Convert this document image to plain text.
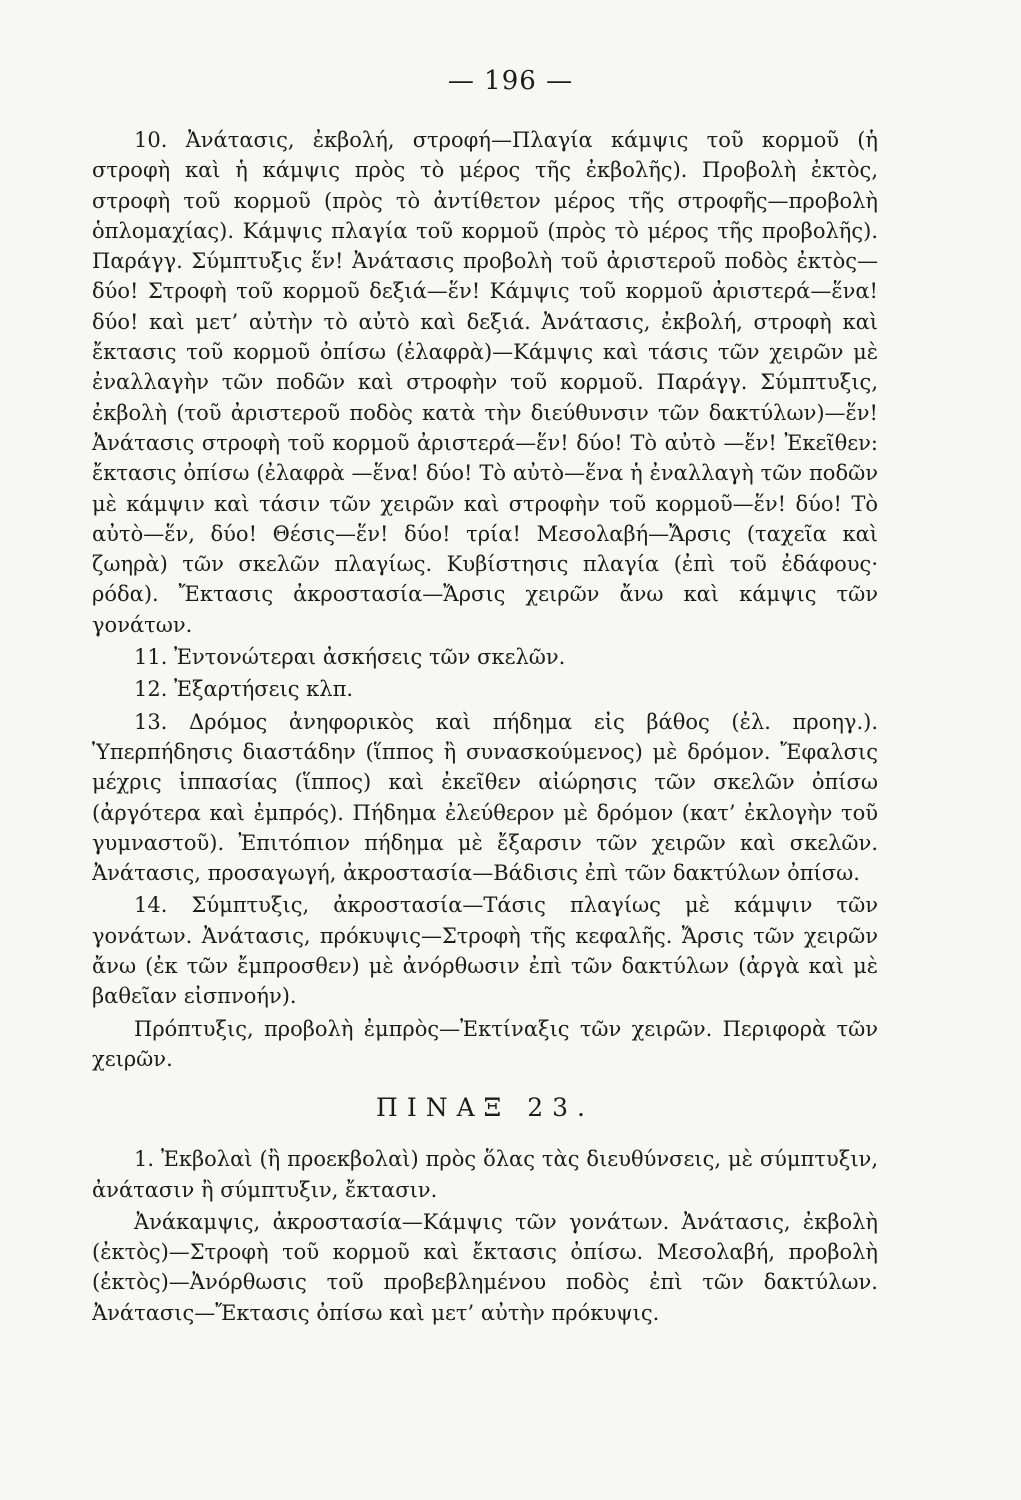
— 196 —

10. Ἀνάτασις, ἐκβολή, στροφή—Πλαγία κάμψις τοῦ κορμοῦ (ἡ στροφὴ καὶ ἡ κάμψις πρὸς τὸ μέρος τῆς ἐκβολῆς). Προβολὴ ἐκτὸς, στροφὴ τοῦ κορμοῦ (πρὸς τὸ ἀντίθετον μέρος τῆς στροφῆς—προβολὴ ὁπλομαχίας). Κάμψις πλαγία τοῦ κορμοῦ (πρὸς τὸ μέρος τῆς προβολῆς). Παράγγ. Σύμπτυξις ἕν! Ἀνάτασις προβολὴ τοῦ ἀριστεροῦ ποδὸς ἐκτὸς—δύο! Στροφὴ τοῦ κορμοῦ δεξιά—ἕν! Κάμψις τοῦ κορμοῦ ἀριστερά—ἕνα! δύο! καὶ μετ’ αὐτὴν τὸ αὐτὸ καὶ δεξιά. Ἀνάτασις, ἐκβολή, στροφὴ καὶ ἔκτασις τοῦ κορμοῦ ὀπίσω (ἐλαφρὰ)—Κάμψις καὶ τάσις τῶν χειρῶν μὲ ἐναλλαγὴν τῶν ποδῶν καὶ στροφὴν τοῦ κορμοῦ. Παράγγ. Σύμπτυξις, ἐκβολὴ (τοῦ ἀριστεροῦ ποδὸς κατὰ τὴν διεύθυνσιν τῶν δακτύλων)—ἕν! Ἀνάτασις στροφὴ τοῦ κορμοῦ ἀριστερά—ἕν! δύο! Τὸ αὐτὸ —ἕν! Ἐκεῖθεν: ἔκτασις ὀπίσω (ἐλαφρὰ —ἕνα! δύο! Τὸ αὐτὸ—ἕνα ἡ ἐναλλαγὴ τῶν ποδῶν μὲ κάμψιν καὶ τάσιν τῶν χειρῶν καὶ στροφὴν τοῦ κορμοῦ—ἕν! δύο! Τὸ αὐτὸ—ἕν, δύο! Θέσις—ἕν! δύο! τρία! Μεσολαβή—Ἄρσις (ταχεῖα καὶ ζωηρὰ) τῶν σκελῶν πλαγίως. Κυβίστησις πλαγία (ἐπὶ τοῦ ἐδάφους· ρόδα). Ἔκτασις ἀκροστασία—Ἄρσις χειρῶν ἄνω καὶ κάμψις τῶν γονάτων.

11. Ἐντονώτεραι ἀσκήσεις τῶν σκελῶν.

12. Ἐξαρτήσεις κλπ.

13. Δρόμος ἀνηφορικὸς καὶ πήδημα εἰς βάθος (ἐλ. προηγ.). Ὑπερπήδησις διαστάδην (ἵππος ἢ συνασκούμενος) μὲ δρόμον. Ἔφαλσις μέχρις ἱππασίας (ἵππος) καὶ ἐκεῖθεν αἰώρησις τῶν σκελῶν ὀπίσω (ἀργότερα καὶ ἐμπρός). Πήδημα ἐλεύθερον μὲ δρόμον (κατ’ ἐκλογὴν τοῦ γυμναστοῦ). Ἐπιτόπιον πήδημα μὲ ἔξαρσιν τῶν χειρῶν καὶ σκελῶν. Ἀνάτασις, προσαγωγή, ἀκροστασία—Βάδισις ἐπὶ τῶν δακτύλων ὀπίσω.

14. Σύμπτυξις, ἀκροστασία—Τάσις πλαγίως μὲ κάμψιν τῶν γονάτων. Ἀνάτασις, πρόκυψις—Στροφὴ τῆς κεφαλῆς. Ἄρσις τῶν χειρῶν ἄνω (ἐκ τῶν ἔμπροσθεν) μὲ ἀνόρθωσιν ἐπὶ τῶν δακτύλων (ἀργὰ καὶ μὲ βαθεῖαν εἰσπνοήν).

Πρόπτυξις, προβολὴ ἐμπρὸς—Ἐκτίναξις τῶν χειρῶν. Περιφορὰ τῶν χειρῶν.

ΠΙΝΑΞ 23.

1. Ἐκβολαὶ (ἢ προεκβολαὶ) πρὸς ὅλας τὰς διευθύνσεις, μὲ σύμπτυξιν, ἀνάτασιν ἢ σύμπτυξιν, ἔκτασιν.

Ἀνάκαμψις, ἀκροστασία—Κάμψις τῶν γονάτων. Ἀνάτασις, ἐκβολὴ (ἐκτὸς)—Στροφὴ τοῦ κορμοῦ καὶ ἔκτασις ὀπίσω. Μεσολαβή, προβολὴ (ἐκτὸς)—Ἀνόρθωσις τοῦ προβεβλημένου ποδὸς ἐπὶ τῶν δακτύλων. Ἀνάτασις—Ἔκτασις ὀπίσω καὶ μετ’ αὐτὴν πρόκυψις.
